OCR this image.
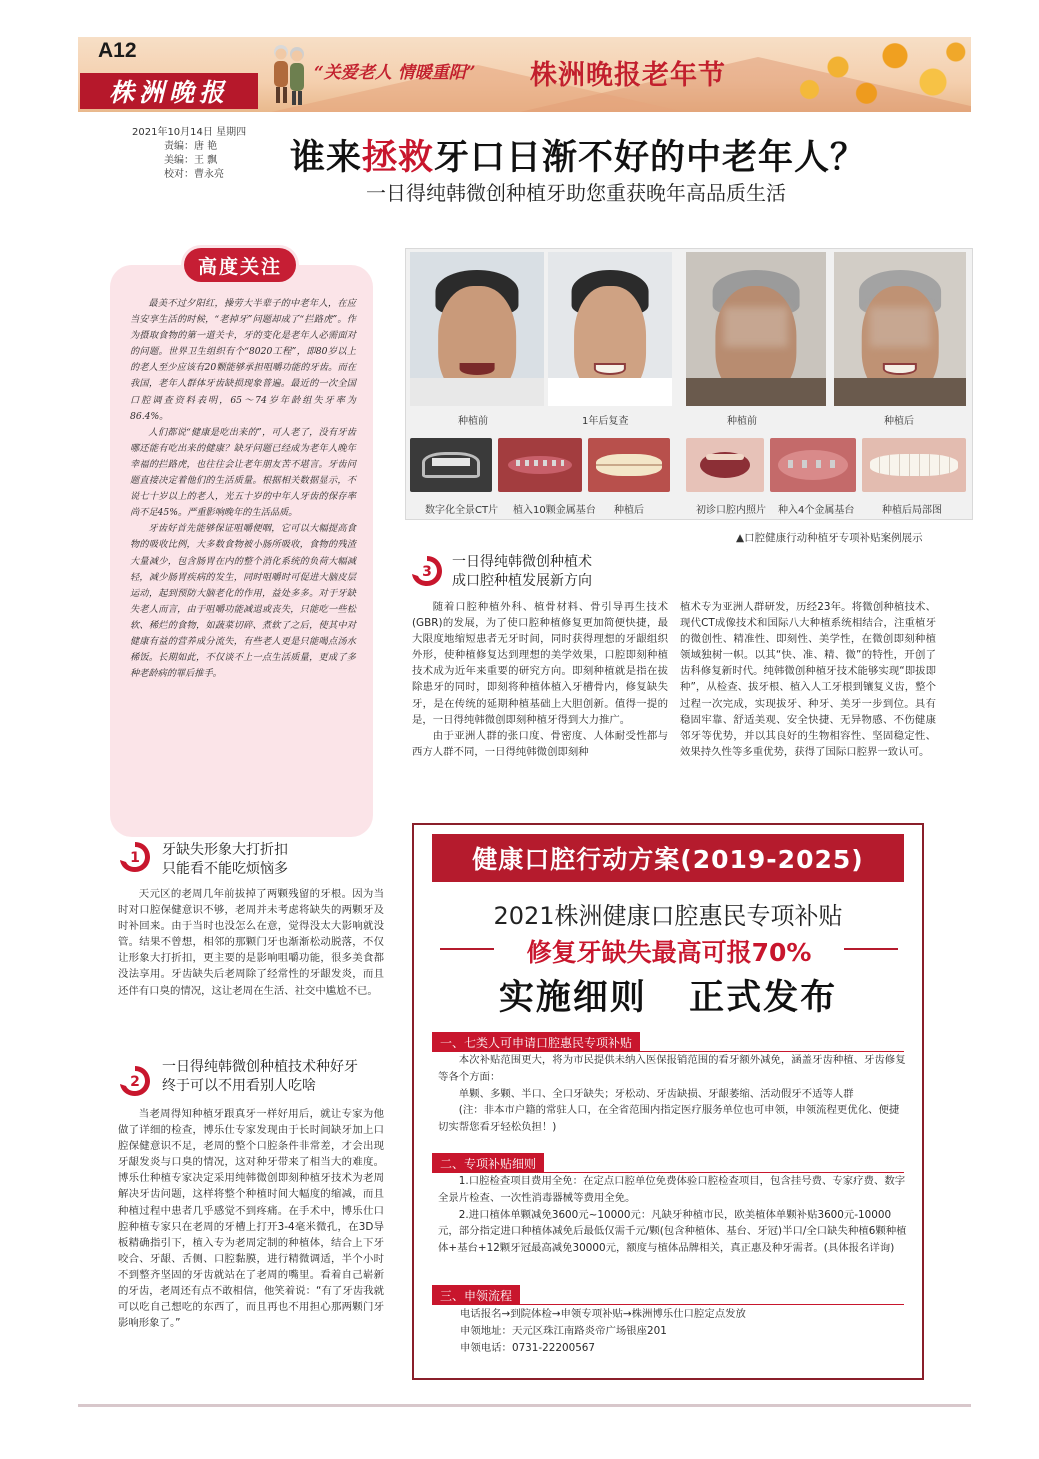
A12
株洲晚报
“关爱老人 情暖重阳” 株洲晚报老年节
2021年10月14日 星期四
责编：唐 艳
美编：王 飘
校对：曹永亮	谁来拯救牙口日渐不好的中老年人？
一日得纯韩微创种植牙助您重获晚年高品质生活
高度关注

最美不过夕阳红，操劳大半辈子的中老年人，在应当安享生活的时候，“老掉牙”问题却成了“拦路虎”。作为摄取食物的第一道关卡，牙的变化是老年人必需面对的问题。世界卫生组织有个“8020工程”，即80岁以上的老人至少应该有20颗能够承担咀嚼功能的牙齿。而在我国，老年人群体牙齿缺损现象普遍。最近的一次全国口腔调查资料表明，65～74岁年龄组失牙率为86.4%。

人们都说“健康是吃出来的”，可人老了，没有牙齿哪还能有吃出来的健康？缺牙问题已经成为老年人晚年幸福的拦路虎，也往往会让老年朋友苦不堪言。牙齿问题直接决定着他们的生活质量。根据相关数据显示，不说七十岁以上的老人，光五十岁的中年人牙齿的保存率尚不足45%。严重影响晚年的生活品质。

牙齿好首先能够保证咀嚼便咽，它可以大幅提高食物的吸收比例，大多数食物被小肠所吸收，食物的残渣大量减少，包含肠胃在内的整个消化系统的负荷大幅减轻，减少肠胃疾病的发生，同时咀嚼时可促进大脑皮层运动，起到预防大脑老化的作用，益处多多。对于牙缺失老人而言，由于咀嚼功能减退或丧失，只能吃一些松软、稀烂的食物，如蔬菜切碎、煮软了之后，使其中对健康有益的营养成分流失，有些老人更是只能喝点汤水稀饭。长期如此，不仅谈不上一点生活质量，更成了多种老龄病的罪后推手。

种植前	1年后复查	种植前	种植后
数字化全景CT片 植入10颗金属基台 种植后	初诊口腔内照片 种入4个金属基台	种植后局部图
▲口腔健康行动种植牙专项补贴案例展示
3
一日得纯韩微创种植术
成口腔种植发展新方向

随着口腔种植外科、植骨材料、骨引导再生技术(GBR)的发展，为了使口腔种植修复更加简便快捷，最大限度地缩短患者无牙时间，同时获得理想的牙龈组织外形，使种植修复达到理想的美学效果，口腔即刻种植技术成为近年来重要的研究方向。即刻种植就是指在拔除患牙的同时，即刻将种植体植入牙槽骨内，修复缺失牙，是在传统的延期种植基础上大胆创新。值得一提的是，一日得纯韩微创即刻种植牙得到大力推广。

由于亚洲人群的张口度、骨密度、人体耐受性都与西方人群不同，一日得纯韩微创即刻种

植术专为亚洲人群研发，历经23年。将微创种植技术、现代CT成像技术和国际八大种植系统相结合，注重植牙的微创性、精准性、即刻性、美学性，在微创即刻种植领域独树一帜。以其“快、准、精、微”的特性，开创了齿科修复新时代。纯韩微创种植牙技术能够实现“即拔即种”，从检查、拔牙根、植入人工牙根到镶复义齿，整个过程一次完成，实现拔牙、种牙、美牙一步到位。具有稳固牢靠、舒适美观、安全快捷、无异物感、不伤健康邻牙等优势，并以其良好的生物相容性、坚固稳定性、效果持久性等多重优势，获得了国际口腔界一致认可。

1 牙缺失形象大打折扣
只能看不能吃烦恼多

天元区的老周几年前拔掉了两颗残留的牙根。因为当时对口腔保健意识不够，老周并未考虑将缺失的两颗牙及时补回来。由于当时也没怎么在意，觉得没太大影响就没管。结果不曾想，相邻的那颗门牙也渐渐松动脱落，不仅让形象大打折扣，更主要的是影响咀嚼功能，很多美食都没法享用。牙齿缺失后老周除了经常性的牙龈发炎，而且还伴有口臭的情况，这让老周在生活、社交中尴尬不已。

2
一日得纯韩微创种植技术种好牙
终于可以不用看别人吃啥

当老周得知种植牙跟真牙一样好用后，就让专家为他做了详细的检查，博乐仕专家发现由于长时间缺牙加上口腔保健意识不足，老周的整个口腔条件非常差，才会出现牙龈发炎与口臭的情况，这对种牙带来了相当大的难度。博乐仕种植专家决定采用纯韩微创即刻种植牙技术为老周解决牙齿问题，这样将整个种植时间大幅度的缩减，而且种植过程中患者几乎感觉不到疼痛。在手术中，博乐仕口腔种植专家只在老周的牙槽上打开3-4毫米微孔，在3D导板精确指引下，植入专为老周定制的种植体，结合上下牙咬合、牙龈、舌侧、口腔黏膜，进行精微调适，半个小时不到整齐坚固的牙齿就站在了老周的嘴里。看着自己崭新的牙齿，老周还有点不敢相信，他笑着说：“有了牙齿我就可以吃自己想吃的东西了，而且再也不用担心那两颗门牙影响形象了。”

健康口腔行动方案(2019-2025)
2021株洲健康口腔惠民专项补贴
修复牙缺失最高可报70%
实施细则 正式发布
一、七类人可申请口腔惠民专项补贴

本次补贴范围更大，将为市民提供未纳入医保报销范围的看牙额外减免，涵盖牙齿种植、牙齿修复等各个方面：

单颗、多颗、半口、全口牙缺失；牙松动、牙齿缺损、牙龈萎缩、活动假牙不适等人群

(注：非本市户籍的常驻人口，在全省范围内指定医疗服务单位也可申领，申领流程更优化、便捷切实帮您看牙轻松负担！)

二、专项补贴细则

1.口腔检查项目费用全免：在定点口腔单位免费体验口腔检查项目，包含挂号费、专家疗费、数字全景片检查、一次性消毒器械等费用全免。

2.进口植体单颗减免3600元~10000元：凡缺牙种植市民，欧美植体单颗补贴3600元-10000元，部分指定进口种植体减免后最低仅需千元/颗(包含种植体、基台、牙冠)半口/全口缺失种植6颗种植体+基台+12颗牙冠最高减免30000元，额度与植体品牌相关，真正惠及种牙需者。(具体报名详询)

三、申领流程
电话报名→到院体检→申领专项补贴→株洲博乐仕口腔定点发放
申领地址：天元区珠江南路炎帝广场银座201
申领电话：0731-22200567
